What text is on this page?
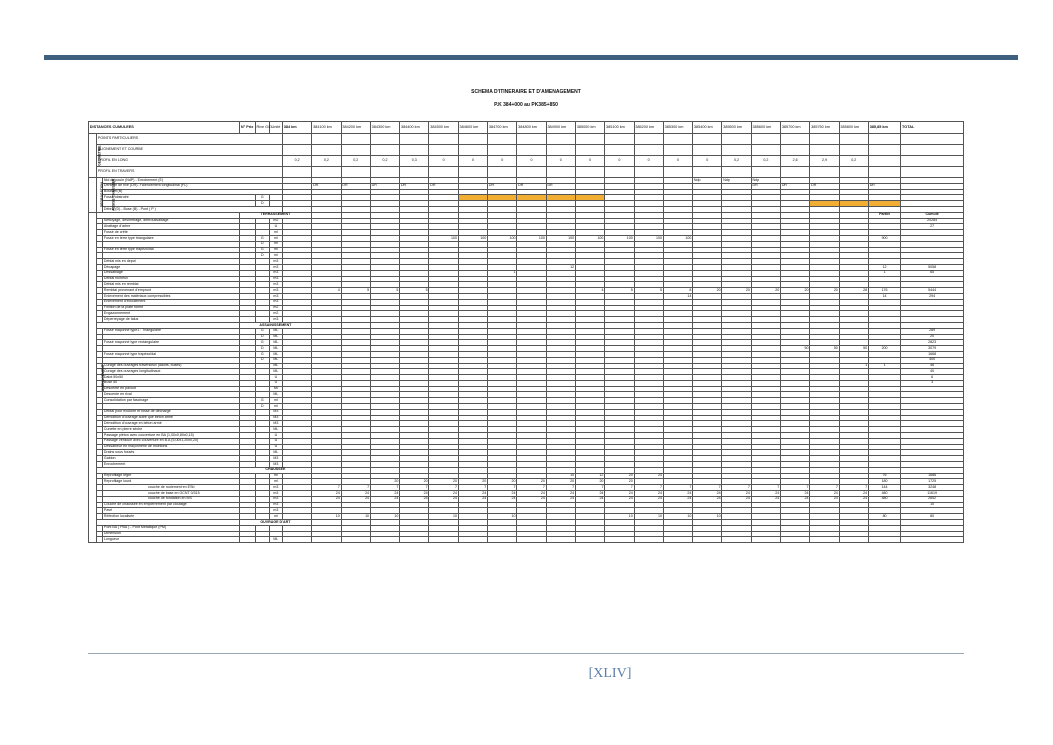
SCHEMA D'ITINERAIRE ET D'AMENAGEMENT
P.K 384+000 au PK385+850
DISTANCES CUMULEES			N° Prix	Rive G/D	Unité	384 km	384100 km	384200 km	384300 km	384400 km	384500 km	384600 km	384700 km	384800 km	384900 km	385000 km	385100 km	385200 km	385300 km	385400 km	385500 km	385600 km	385700 km	385750 km	385800 km	385,85 km	TOTAL
GEOMETRIE	POINTS PARTICULIERS																										
	ALIGNEMENT ET COURBE																										
	PROFIL EN LONG					0,2	0,2	0,2	0,2	0,3	0	0	0	0	0	0	0	0	0	0	0,2	0,2	2,6	2,9	0,2		
	PROFIL EN TRAVERS																										
DEGRADATION	ASSISE CHAUSSEE	Nid de poule (NdP) - Enrobement (E)																		Ndp	Ndp	Ndp					
		Dentelle de rive (DR)- Faïencement longitudinal (FL)					DR	DR	DR	DR	DR		DR	DR	DR							DR	DR	DR		DR	
		Bourbier(B)																									
		Fosse obstruée		G																							
				D																							
		Débris (D) - Buse (B) - Pont ( P )																									
AMENAGEMENT			TERRASSEMENT																							Partiel	Cumulé
		Nettoyage, désherbage, débroussaillage			m2																						20284
		Abattage d'arbre			U																						27
		Fossé de crête			ml																						
		Fosse en terre type triangulaire		G	ml						100	100	100	100	100	100	100	100	100							900	
				D	ml																						
		Fosse en terre type trapézoïdal		G	ml																						
				D	ml																						
		Déblai mis en depot			m3																						
		Décapage			m3										12											12	5058
		Dessablage			m3								1													1	65
		Déblai rocheux			m3																						
		Déblai mis en remblai			m3																						
		Remblai provenant d'emprunt			m3		4	5	5	5						4	5	5	8	20	20	20	20	20	28	176	5444
		Enlèvement des matériaux compressibles			m3														14							14	294
		Enlèvement d'éboulement			m3																						
		Finition de la plate forme			m2																						
		Engazonnement			m2																						
		Déperreyage de talus			m3																						
			ASSAINISSEMENT																								
		Fossé maçonné type1 : Triangulaire		G	ML																						289
				D	ML																						20
		Fossé maçonné type rectangulaire		G	ML																						2823
				D	ML																		50	50	50	200	3079
		Fossé maçonné type trapézoïdal		G	ML																						1668
				D	ML																						400
		Curage des ouvrages traversieux (dalots, buses)			ML																				1	1	46
		Curage des ouvrages longitudinaux			ML																						40
		Dalot 50x50			U																						6
		Buse 50			U																						3
		Descente en pavoot			Ml																						
		Descente en rival			ML																						
		Consolidation par fascinage		G	ml																						
				D	ml																						
		Déblai pour exutoire et fosse de décharge			M3																						
		Démolition d'ouvrage autre que beton armé			M3																						
		Démolition d'ouvrage en béton armé			M3																						
		Cunette en pierre sèche			ML																						
		Passage piéton avec couverture en BA (1,00x0,80x0,15)			U																						
		Passage véhicule avec couverture en B.A (5,00x1,20x0,20)			U																						
		Dessableur en maçonnerie de moellons			U																						
		Drains sous fossés			ML																						
		Gabion			M3																						
		Enrochement			M3																						
			CHAUSSEE																								
		Reprofilage léger			ml										10	12	20	24								76	1686
		Reprofilage lourd			ml				20	20	20	20	20	20	20	20	20									180	1725
		couche de roulement en ESb			m3		7	7	7	7	7	7	7	7	7	7	7	7	7	7	7	7	7	7	7	144	3248
		couche de base en GCNT 0/315			m3		24	24	24	24	24	24	24	24	24	24	24	24	24	24	24	24	24	24	24	480	11619
		couche de fondation en MS			m3		24	24	24	24	24	24	24	24	24	24	24	24	24	24	24	24	24	24	24	480	2652
		Couche de chaussée en empierrement par cloutage			m3																						10
		Pavé			m3																						
		Réfection localisée			ml		10	10	10		10		10				10	10	10	10						80	80
			OUVRAGE D'ART																								
		Pont BA ( PBA ) - Pont Metallique (PM)																									
		Dimension																									
		Longueur			ML																						
[XLIV]
